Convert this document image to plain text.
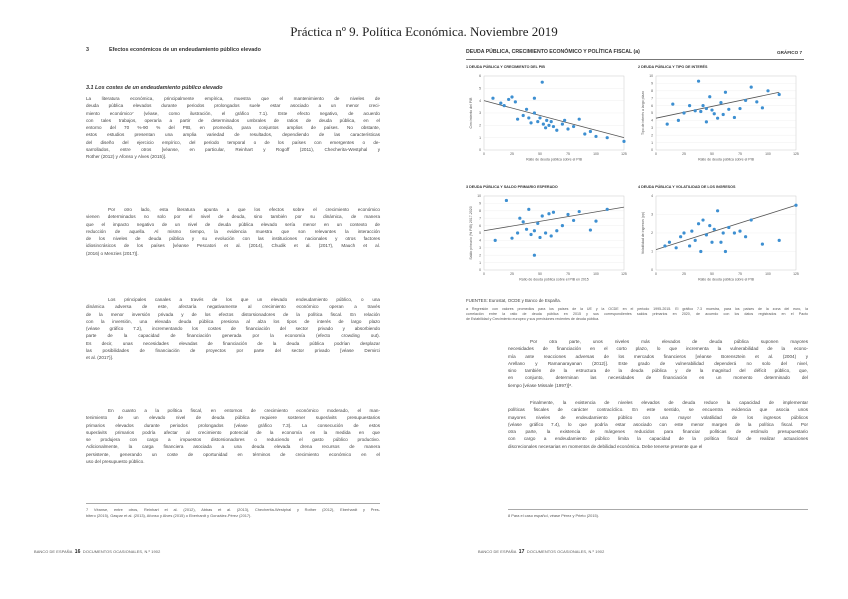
Práctica nº 9. Política Económica. Noviembre 2019
3	Efectos económicos de un endeudamiento público elevado
3.1 Los costes de un endeudamiento público elevado
La literatura económica, principalmente empírica, muestra que el mantenimiento de niveles de
deuda pública elevados durante periodos prolongados suele estar asociado a un menor creci-
miento económico⁷ (véase, como ilustración, el gráfico 7.1). Este efecto negativo, de acuerdo
con tales trabajos, operaría a partir de determinados umbrales de ratios de deuda pública, en el
entorno del 70 %-90 % del PIB, en promedio, para conjuntos amplios de países. No obstante,
estos estudios presentan una amplia variedad de resultados, dependiendo de las características
del diseño del ejercicio empírico, del periodo temporal o de los países con emergentes o de-
sarrollados, entre otros [véanse, en particular, Reinhart y Rogoff (2011), Checherita-Westphal y
Rother (2012) y Afonso y Alves (2015)].
Por otro lado, esta literatura apunta a que los efectos sobre el crecimiento económico
vienen determinados no solo por el nivel de deuda, sino también por su dinámica, de manera
que el impacto negativo de un nivel de deuda pública elevado sería menor en un contexto de
reducción de aquella. Al mismo tiempo, la evidencia muestra que son relevantes la interacción
de los niveles de deuda pública y su evolución con las instituciones nacionales y otros factores
idiosincrásicos de los países [véanse Pescatori et al. (2014), Chudik et al. (2017), Mauch et al.
(2016) o Menzies (2017)].
Los principales canales a través de los que un elevado endeudamiento público, o una
dinámica adversa de este, afectaría negativamente al crecimiento económico operan a través
de la menor inversión privada y de los efectos distorsionadores de la política fiscal. En relación
con la inversión, una elevada deuda pública presiona al alza los tipos de interés de largo plazo
(véase gráfico 7.2), incrementando los costes de financiación del sector privado y absorbiendo
parte de la capacidad de financiación generada por la economía (efecto crowding out).
Es decir, unas necesidades elevadas de financiación de la deuda pública podrían desplazar
las posibilidades de financiación de proyectos por parte del sector privado [véase Demirci
et al. (2017)].
En cuanto a la política fiscal, en entornos de crecimiento económico moderado, el man-
tenimiento de un elevado nivel de deuda pública requiere sostener superávits presupuestarios
primarios elevados durante periodos prolongados (véase gráfico 7.3). La consecución de estos
superávits primarios podría afectar al crecimiento potencial de la economía en la medida en que
se produjera con cargo a impuestos distorsionadores o reduciendo el gasto público productivo.
Adicionalmente, la carga financiera asociada a una deuda elevada drena recursos de manera
persistente, generando un coste de oportunidad en términos de crecimiento económico en el
uso del presupuesto público.
7 Véanse, entre otros, Reinhart et al. (2012), Abbas et al. (2013), Checherita-Westphal y Rother (2012), Eberhardt y Pres-
bitero (2015), Gaspar et al. (2013), Afonso y Alves (2015) o Eberhardt y González-Pérez (2017).
BANCO DE ESPAÑA 16 DOCUMENTOS OCASIONALES, N.º 1902
DEUDA PÚBLICA, CRECIMIENTO ECONÓMICO Y POLÍTICA FISCAL (a)	GRÁFICO 7
1 DEUDA PÚBLICA Y CRECIMIENTO DEL PIB
0
1
2
3
4
5
6
0	25	50	75	100	125
Ratio de deuda pública sobre el PIB
Crecimiento del PIB
2 DEUDA PÚBLICA Y TIPO DE INTERÉS
0
1
2
3
4
5
6
7
8
9
10
0	25	50	75	100	125
Ratio de deuda pública sobre el PIB
Tipo de interés a largo plazo
3 DEUDA PÚBLICA Y SALDO PRIMARIO ESPERADO
0
1
2
3
4
5
6
7
8
9
10
0	25	50	75	100	125
Ratio de deuda pública sobre el PIB en 2015
Saldo primario (% PIB) 2017-2020
4 DEUDA PÚBLICA Y VOLATILIDAD DE LOS INGRESOS
0
1
2
3
4
0	25	50	75	100	125
Ratio de deuda pública sobre el PIB
Volatilidad de ingresos (pp)
FUENTES: Eurostat, OCDE y Banco de España.
a Regresión con valores promedios para los países de la UE y la OCDE en el periodo 1995-2015. El gráfico 7.3 muestra, para los países de la zona del euro, la
correlación entre la ratio de deuda pública en 2015 y sus correspondientes saldos primarios en 2020, de acuerdo con los datos registrados en el Pacto
de Estabilidad y Crecimiento europeo y sus previsiones recientes de deuda pública.
Por otra parte, unos niveles más elevados de deuda pública suponen mayores
necesidades de financiación en el corto plazo, lo que incrementa la vulnerabilidad de la econo-
mía ante reacciones adversas de los mercados financieros [véanse Borensztein et al. (2004) y
Arellano y Ramanarayanan (2012)]. Este grado de vulnerabilidad dependerá no solo del nivel,
sino también de la estructura de la deuda pública y de la magnitud del déficit público, que,
en conjunto, determinan las necesidades de financiación en un momento determinado del
tiempo [véase Missale (1997)]⁸.
Finalmente, la existencia de niveles elevados de deuda reduce la capacidad de implementar
políticas fiscales de carácter contracíclico. En este sentido, se encuentra evidencia que asocia unos
mayores niveles de endeudamiento público con una mayor volatilidad de los ingresos públicos
(véase gráfico 7.4), lo que podría estar asociado con este menor margen de la política fiscal. Por
otra parte, la existencia de márgenes reducidos para financiar políticas de estímulo presupuestario
con cargo a endeudamiento público limita la capacidad de la política fiscal de realizar actuaciones
discrecionales necesarias en momentos de debilidad económica. Debe tenerse presente que el
8 Para el caso español, véase Pérez y Prieto (2015).
BANCO DE ESPAÑA 17 DOCUMENTOS OCASIONALES, N.º 1902
